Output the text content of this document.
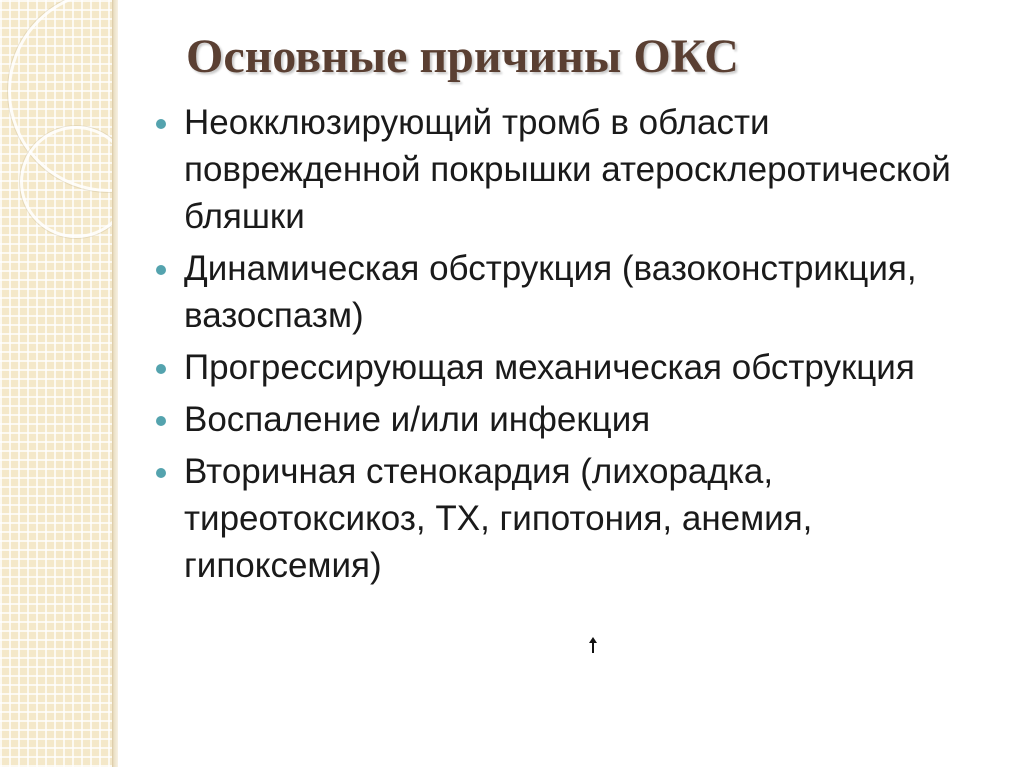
Основные причины ОКС
Неокклюзирующий тромб в области поврежденной покрышки атеросклеротической бляшки
Динамическая обструкция (вазоконстрикция, вазоспазм)
Прогрессирующая механическая обструкция
Воспаление и/или инфекция
Вторичная стенокардия (лихорадка, тиреотоксикоз, ТХ, гипотония, анемия, гипоксемия)
